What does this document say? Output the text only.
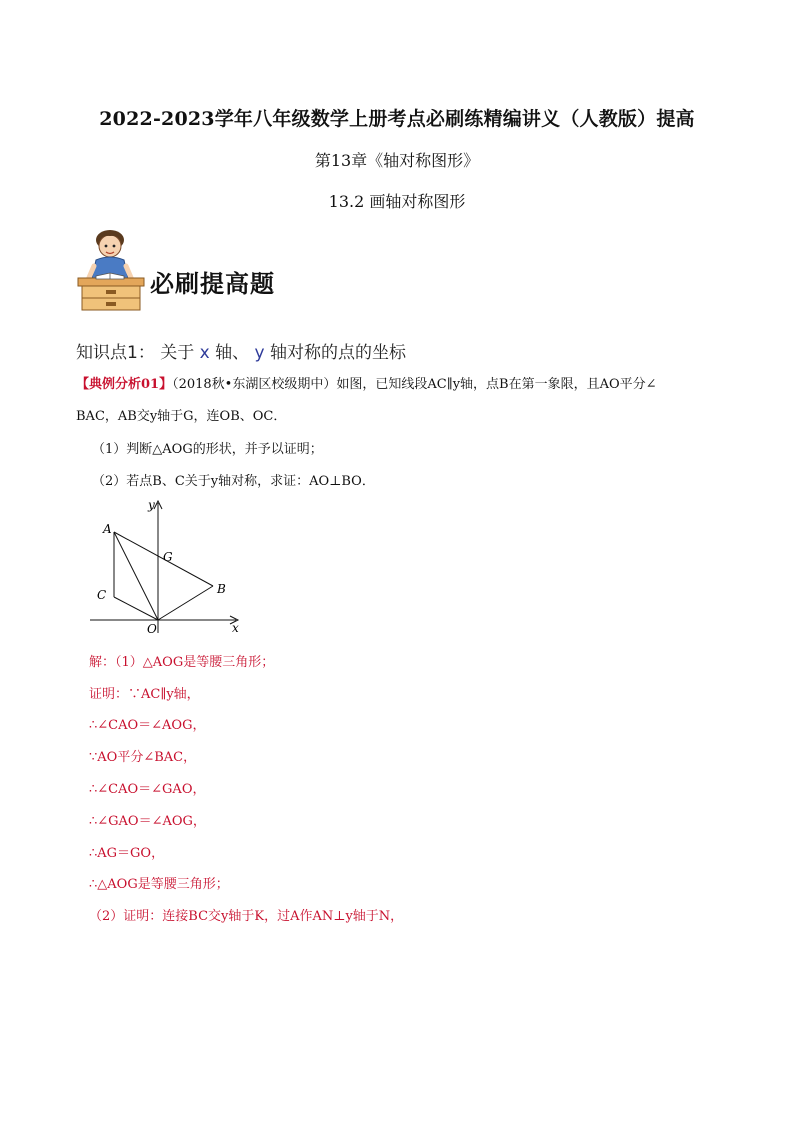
2022-2023学年八年级数学上册考点必刷练精编讲义（人教版）提高
第13章《轴对称图形》
13.2 画轴对称图形
必刷提高题
知识点1： 关于 x 轴、 y 轴对称的点的坐标
【典例分析01】（2018秋•东湖区校级期中）如图，已知线段AC∥y轴，点B在第一象限，且AO平分∠
BAC，AB交y轴于G，连OB、OC．
（1）判断△AOG的形状，并予以证明；
（2）若点B、C关于y轴对称，求证：AO⊥BO．
y
x
A
C
G
B
O
解：（1）△AOG是等腰三角形；
证明：∵AC∥y轴，
∴∠CAO＝∠AOG，
∵AO平分∠BAC，
∴∠CAO＝∠GAO，
∴∠GAO＝∠AOG，
∴AG＝GO，
∴△AOG是等腰三角形；
（2）证明：连接BC交y轴于K，过A作AN⊥y轴于N，
